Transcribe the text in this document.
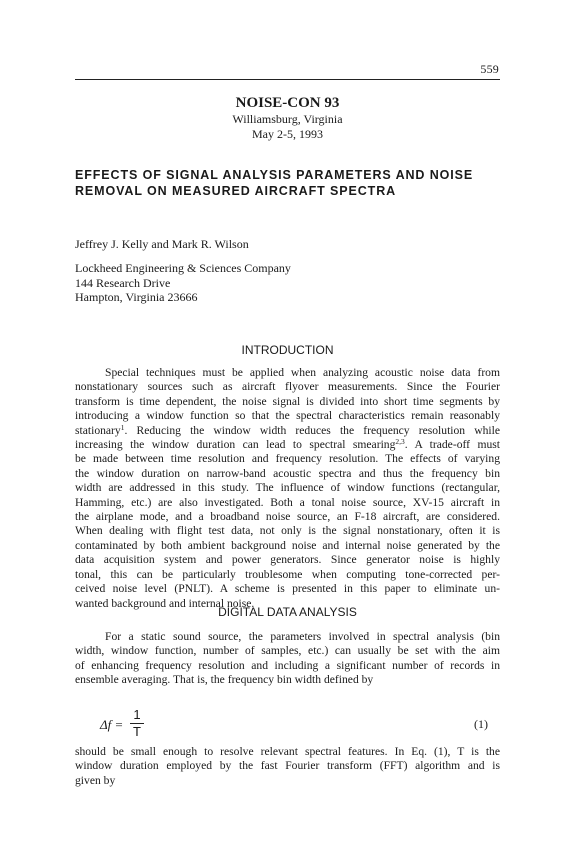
559
NOISE-CON 93
Williamsburg, Virginia
May 2-5, 1993
EFFECTS OF SIGNAL ANALYSIS PARAMETERS AND NOISE
REMOVAL ON MEASURED AIRCRAFT SPECTRA
Jeffrey J. Kelly and Mark R. Wilson
Lockheed Engineering & Sciences Company
144 Research Drive
Hampton, Virginia 23666
INTRODUCTION
Special techniques must be applied when analyzing acoustic noise data from
nonstationary sources such as aircraft flyover measurements. Since the Fourier
transform is time dependent, the noise signal is divided into short time segments by
introducing a window function so that the spectral characteristics remain reasonably
stationary$^1$. Reducing the window width reduces the frequency resolution while
increasing the window duration can lead to spectral smearing$^{2,3}$. A trade-off must
be made between time resolution and frequency resolution. The effects of varying
the window duration on narrow-band acoustic spectra and thus the frequency bin
width are addressed in this study. The influence of window functions (rectangular,
Hamming, etc.) are also investigated. Both a tonal noise source, XV-15 aircraft in
the airplane mode, and a broadband noise source, an F-18 aircraft, are considered.
When dealing with flight test data, not only is the signal nonstationary, often it is
contaminated by both ambient background noise and internal noise generated by the
data acquisition system and power generators. Since generator noise is highly
tonal, this can be particularly troublesome when computing tone-corrected per-
ceived noise level (PNLT). A scheme is presented in this paper to eliminate un-
wanted background and internal noise.
DIGITAL DATA ANALYSIS
For a static sound source, the parameters involved in spectral analysis (bin
width, window function, number of samples, etc.) can usually be set with the aim
of enhancing frequency resolution and including a significant number of records in
ensemble averaging. That is, the frequency bin width defined by
Δf =
1
T	(1)
should be small enough to resolve relevant spectral features. In Eq. (1), T is the
window duration employed by the fast Fourier transform (FFT) algorithm and is
given by
